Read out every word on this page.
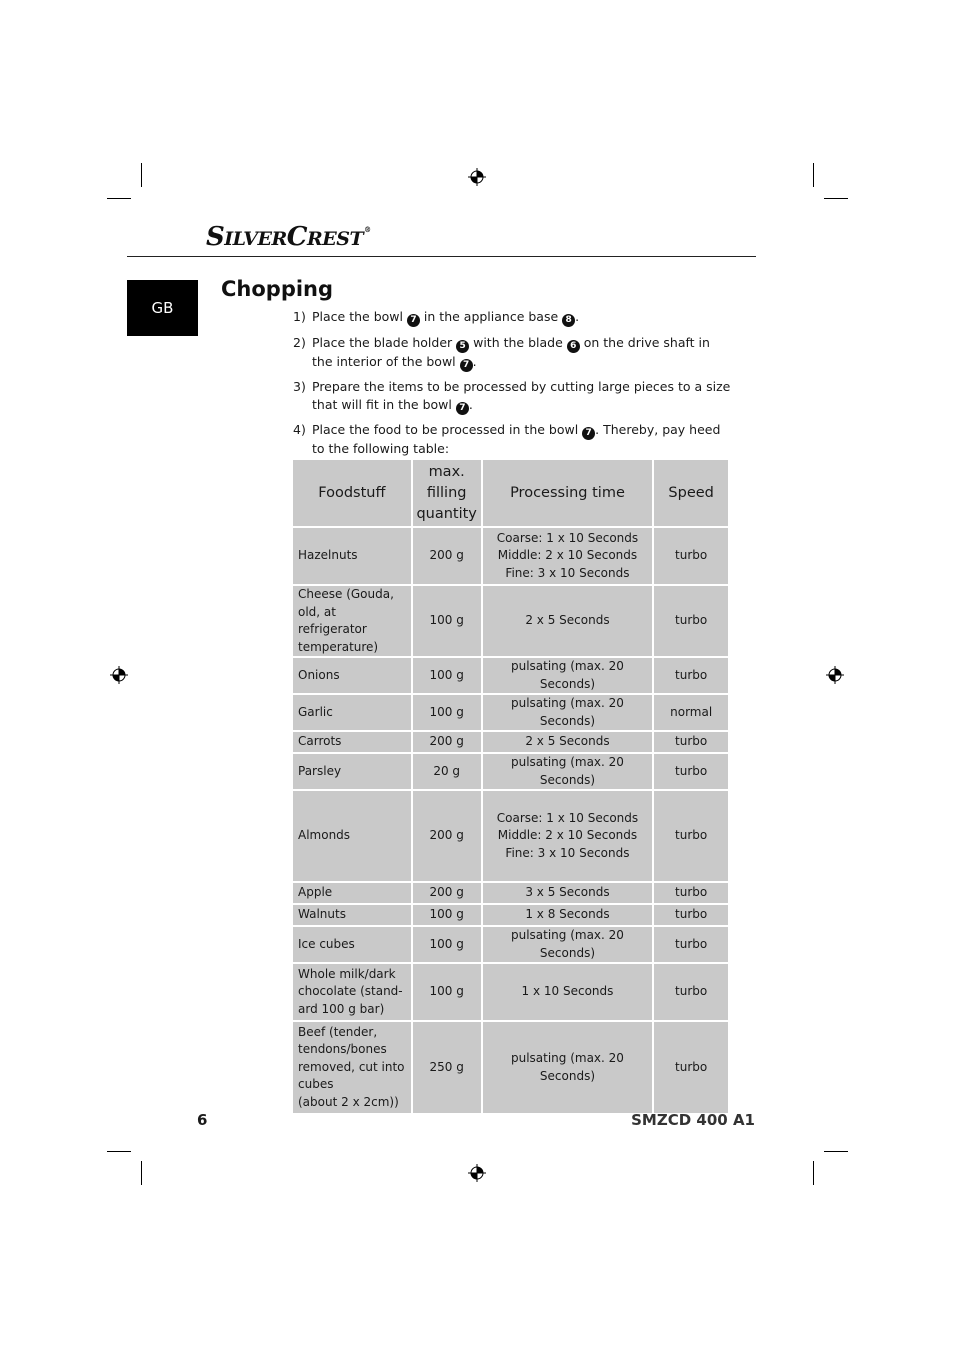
SILVERCREST®
GB
Chopping
1) Place the bowl 7 in the appliance base 8 .
2) Place the blade holder 5 with the blade 6 on the drive shaft in the interior of the bowl 7 .
3) Prepare the items to be processed by cutting large pieces to a size that will fit in the bowl 7 .
4) Place the food to be processed in the bowl 7 . Thereby, pay heed to the following table:
Foodstuff	max.
filling
quantity	Processing time	Speed

Hazelnuts	200 g	Coarse: 1 x 10 Seconds
Middle: 2 x 10 Seconds
Fine: 3 x 10 Seconds	turbo

Cheese (Gouda,
old, at refrigerator
temperature)	100 g	2 x 5 Seconds	turbo

Onions	100 g	pulsating (max. 20 Seconds)	turbo

Garlic	100 g	pulsating (max. 20 Seconds)	normal

Carrots	200 g	2 x 5 Seconds	turbo

Parsley	20 g	pulsating (max. 20 Seconds)	turbo

Almonds	200 g	Coarse: 1 x 10 Seconds
Middle: 2 x 10 Seconds
Fine: 3 x 10 Seconds	turbo

Apple	200 g	3 x 5 Seconds	turbo

Walnuts	100 g	1 x 8 Seconds	turbo

Ice cubes	100 g	pulsating (max. 20 Seconds)	turbo

Whole milk/dark
chocolate (stand-
ard 100 g bar)	100 g	1 x 10 Seconds	turbo

Beef (tender,
tendons/bones
removed, cut into
cubes
(about 2 x 2cm))	250 g	pulsating (max. 20 Seconds)	turbo
6	SMZCD 400 A1
